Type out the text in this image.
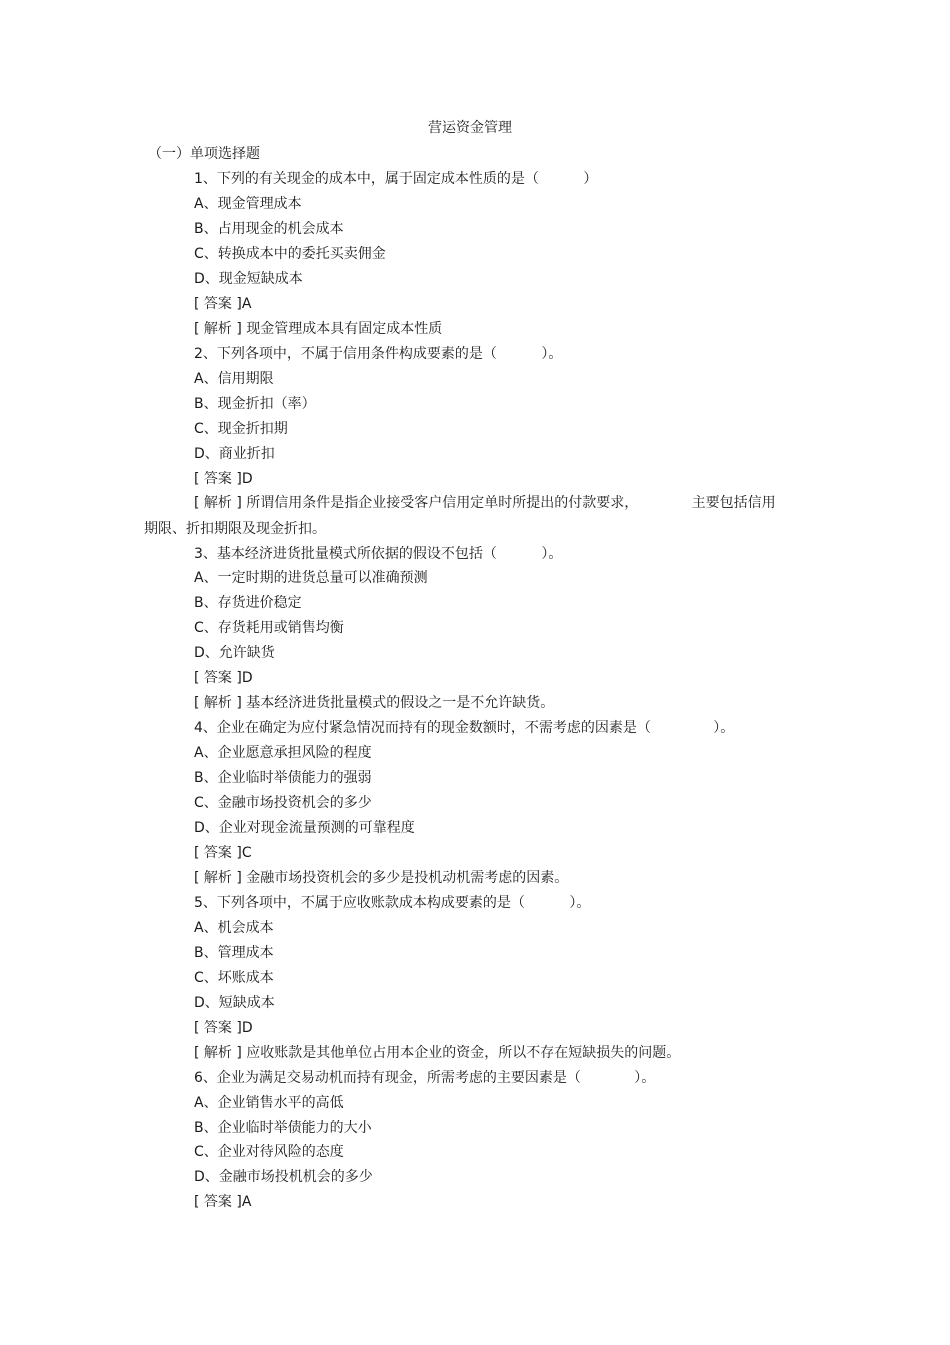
营运资金管理
（一）单项选择题
1、下列的有关现金的成本中，属于固定成本性质的是（          ）
A、现金管理成本
B、占用现金的机会成本
C、转换成本中的委托买卖佣金
D、现金短缺成本
[ 答案 ]A
[ 解析 ] 现金管理成本具有固定成本性质
2、下列各项中，不属于信用条件构成要素的是（          ）。
A、信用期限
B、现金折扣（率）
C、现金折扣期
D、商业折扣
[ 答案 ]D
[ 解析 ] 所谓信用条件是指企业接受客户信用定单时所提出的付款要求，            主要包括信用
期限、折扣期限及现金折扣。
3、基本经济进货批量模式所依据的假设不包括（          ）。
A、一定时期的进货总量可以准确预测
B、存货进价稳定
C、存货耗用或销售均衡
D、允许缺货
[ 答案 ]D
[ 解析 ] 基本经济进货批量模式的假设之一是不允许缺货。
4、企业在确定为应付紧急情况而持有的现金数额时，不需考虑的因素是（              ）。
A、企业愿意承担风险的程度
B、企业临时举债能力的强弱
C、金融市场投资机会的多少
D、企业对现金流量预测的可靠程度
[ 答案 ]C
[ 解析 ] 金融市场投资机会的多少是投机动机需考虑的因素。
5、下列各项中，不属于应收账款成本构成要素的是（          ）。
A、机会成本
B、管理成本
C、坏账成本
D、短缺成本
[ 答案 ]D
[ 解析 ] 应收账款是其他单位占用本企业的资金，所以不存在短缺损失的问题。
6、企业为满足交易动机而持有现金，所需考虑的主要因素是（            ）。
A、企业销售水平的高低
B、企业临时举债能力的大小
C、企业对待风险的态度
D、金融市场投机机会的多少
[ 答案 ]A
